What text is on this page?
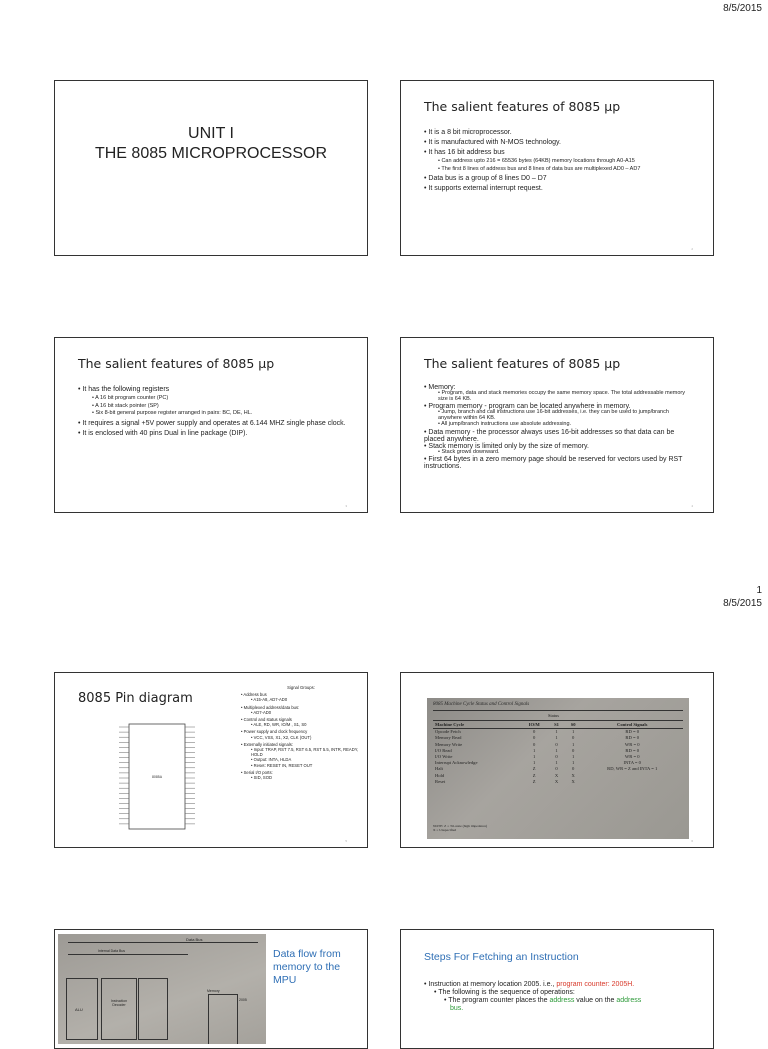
8/5/2015
UNIT I
THE 8085 MICROPROCESSOR
The salient features of 8085 µp
• It is a 8 bit microprocessor.
• It is manufactured with N-MOS technology.
• It has 16 bit address bus
• Can address upto 216 = 65536 bytes (64KB) memory locations through A0-A15
• The first 8 lines of address bus and 8 lines of data bus are multiplexed AD0 – AD7
• Data bus is a group of 8 lines D0 – D7
• It supports external interrupt request.
2
The salient features of 8085 µp
• It has the following registers
• A 16 bit program counter (PC)
• A 16 bit stack pointer (SP)
• Six 8-bit general purpose register arranged in pairs: BC, DE, HL.
• It requires a signal +5V power supply and operates at 6.144 MHZ single phase clock.
• It is enclosed with 40 pins Dual in line package (DIP).
3
The salient features of 8085 µp
• Memory:
• Program, data and stack memories occupy the same memory space. The total addressable memory size is 64 KB.
• Program memory - program can be located anywhere in memory.
• Jump, branch and call instructions use 16-bit addresses, i.e. they can be used to jump/branch anywhere within 64 KB.
• All jump/branch instructions use absolute addressing.
• Data memory - the processor always uses 16-bit addresses so that data can be placed anywhere.
• Stack memory is limited only by the size of memory.
• Stack grows downward.
• First 64 bytes in a zero memory page should be reserved for vectors used by RST instructions.
4
1
8/5/2015
8085 Pin diagram
8085A
Signal Groups:
• Address bus
• A15-A8, AD7-AD0
• Multiplexed address/data bus:
• AD7-AD0
• Control and status signals
• ALE, RD, WR, IO/M , S1, S0
• Power supply and clock frequency
• VCC, VSS, X1, X2, CLK (OUT)
• Externally initiated signals:
• Input: TRAP, RST 7.5, RST 6.5, RST 5.5, INTR, READY, HOLD
• Output: INTA, HLDA
• Reset: RESET IN, RESET OUT
• Serial I/O ports:
• SID, SOD
5
8085 Machine Cycle Status and Control Signals
Status
Machine Cycle	IO/M	S1	S0	Control Signals
Opcode Fetch	0	1	1	RD = 0
Memory Read	0	1	0	RD = 0
Memory Write	0	0	1	WR = 0
I/O Read	1	1	0	RD = 0
I/O Write	1	0	1	WR = 0
Interrupt Acknowledge	1	1	1	INTA = 0
Halt	Z	0	0	RD, WR = Z and INTA = 1
Hold	Z	X	X	
Reset	Z	X	X	
NOTE: Z = Tri-state (high impedance)
X = Unspecified
6
Data Bus
Internal Data Bus
ALU
Instruction Decoder
Memory
2005
Data flow from memory to the MPU
Steps For Fetching an Instruction
• Instruction at memory location 2005. i.e., program counter: 2005H.
• The following is the sequence of operations:
• The program counter places the address value on the address
bus.
